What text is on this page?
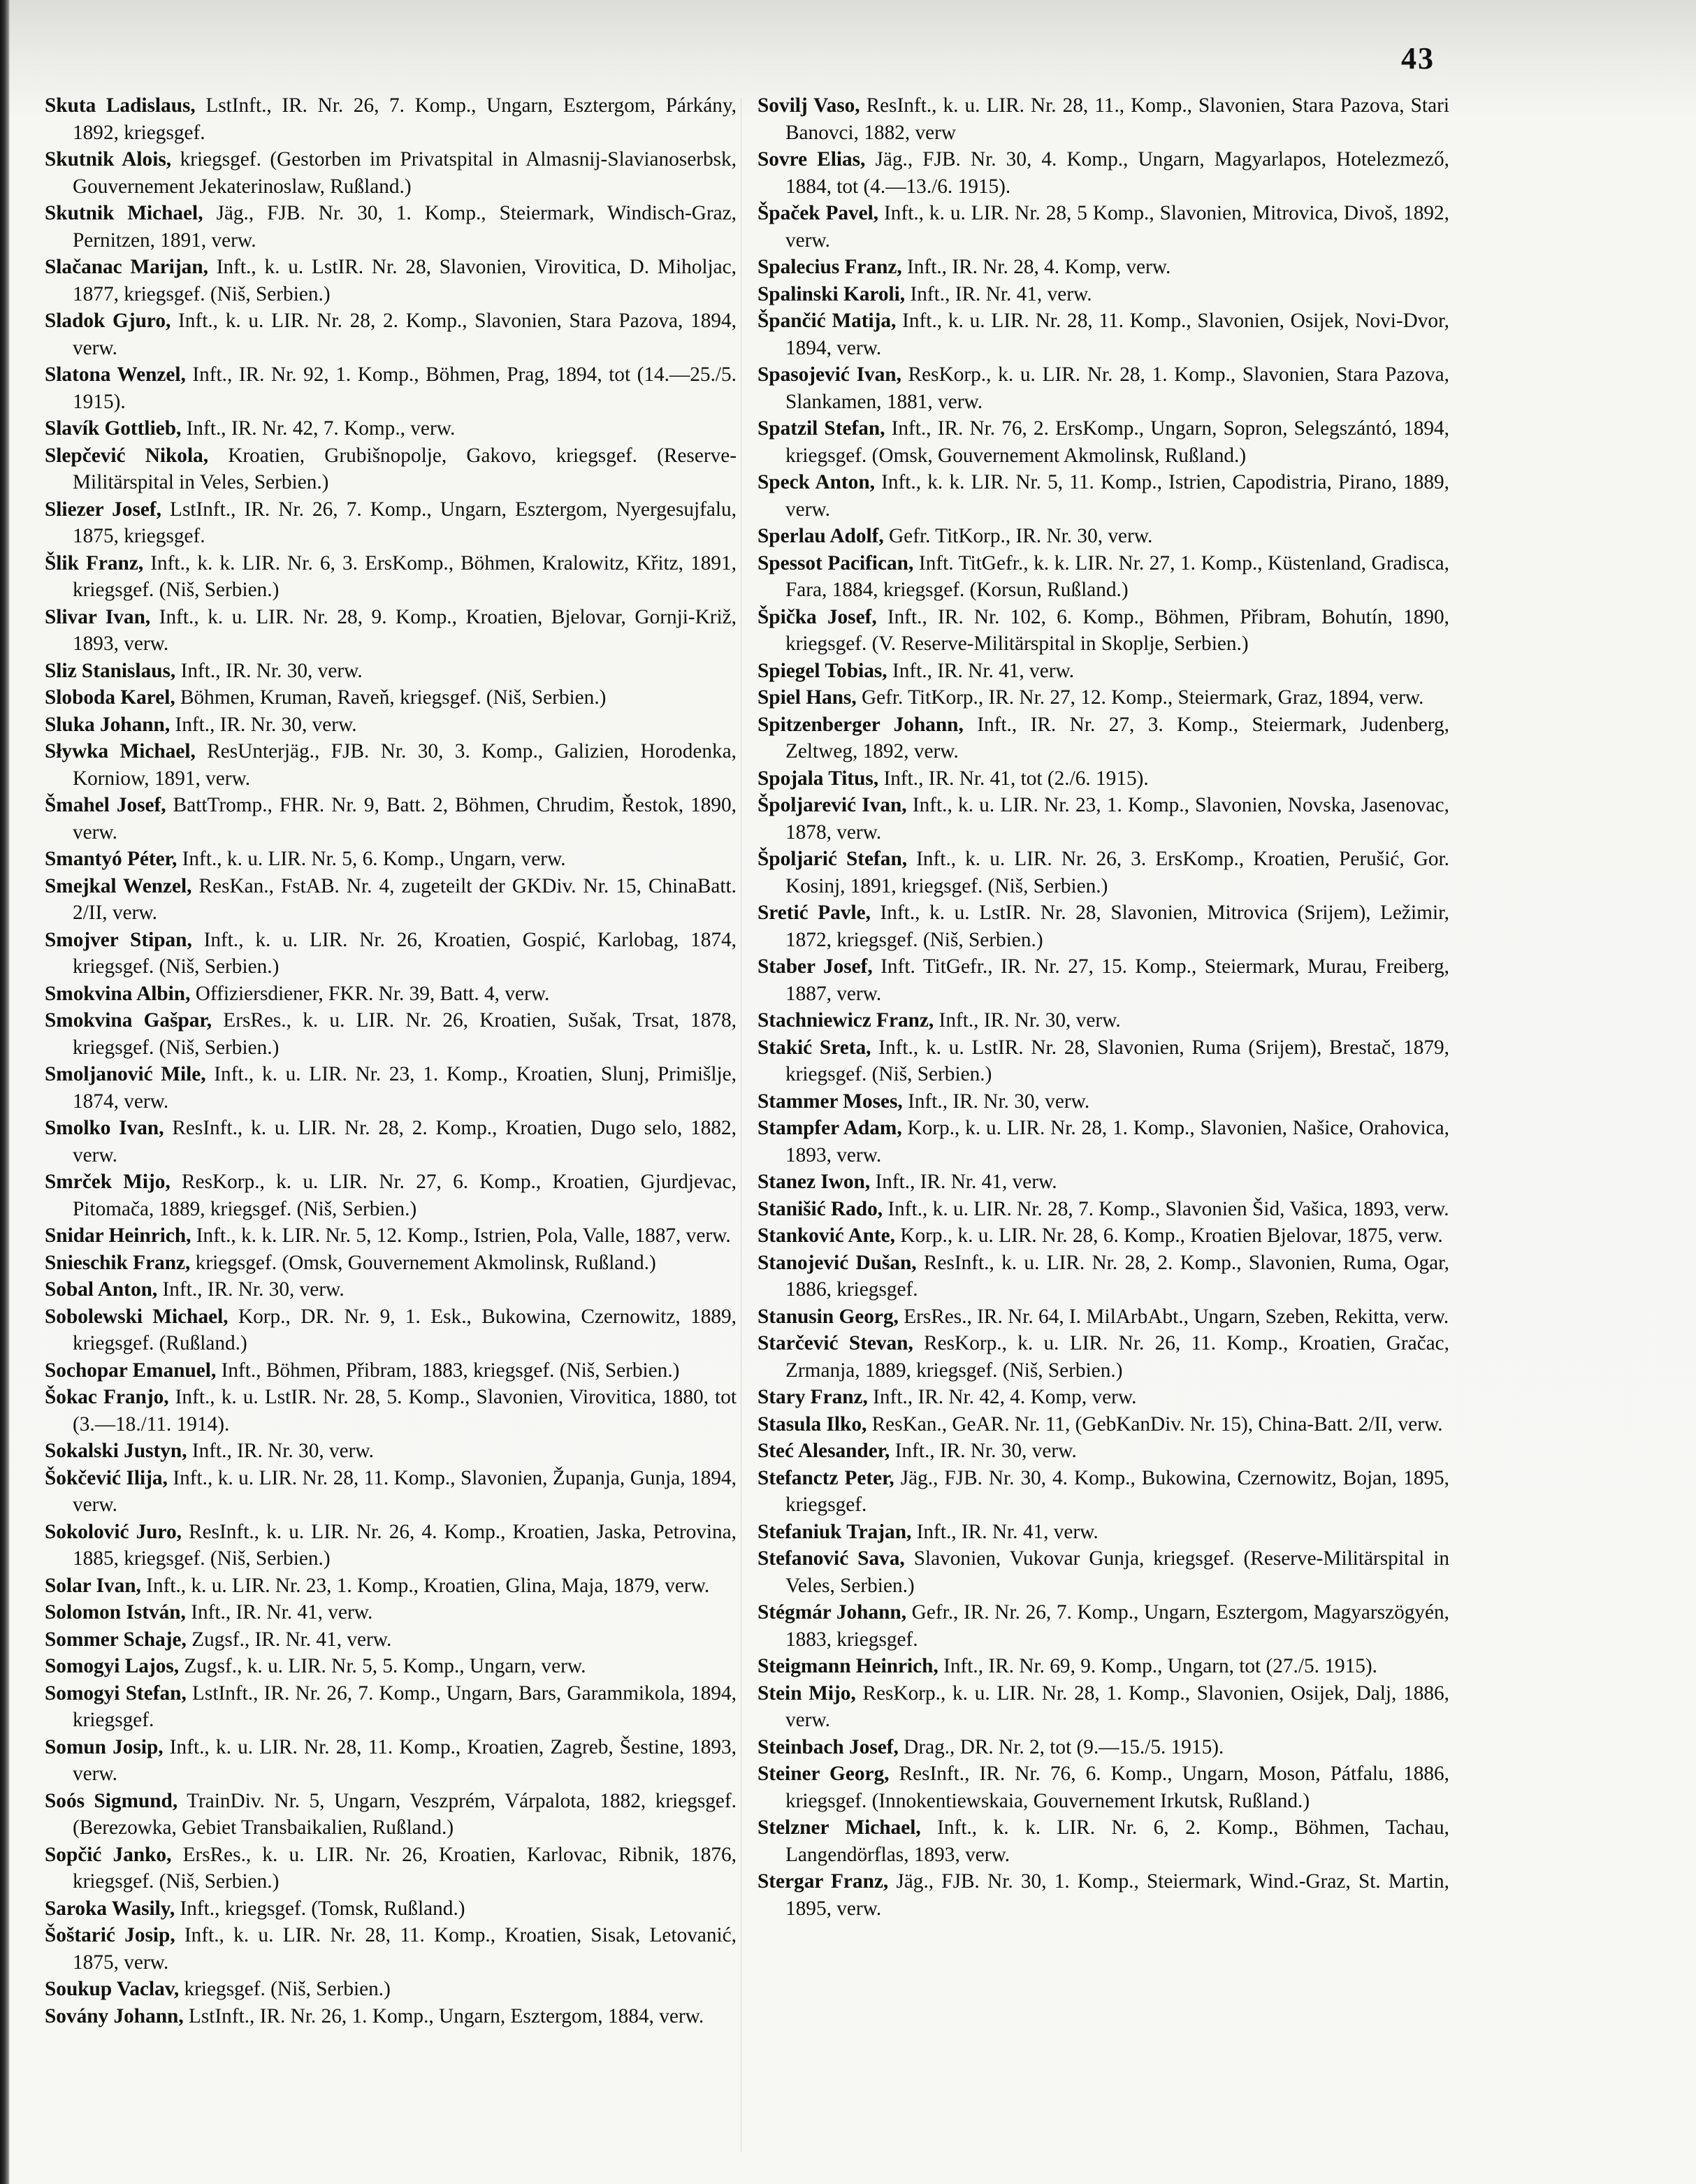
43

Skuta Ladislaus, LstInft., IR. Nr. 26, 7. Komp., Ungarn, Esztergom, Párkány, 1892, kriegsgef.

Skutnik Alois, kriegsgef. (Gestorben im Privatspital in Almasnij-Slavianoserbsk, Gouvernement Jekaterinoslaw, Rußland.)

Skutnik Michael, Jäg., FJB. Nr. 30, 1. Komp., Steiermark, Windisch-Graz, Pernitzen, 1891, verw.

Slačanac Marijan, Inft., k. u. LstIR. Nr. 28, Slavonien, Virovitica, D. Miholjac, 1877, kriegsgef. (Niš, Serbien.)

Sladok Gjuro, Inft., k. u. LIR. Nr. 28, 2. Komp., Slavonien, Stara Pazova, 1894, verw.

Slatona Wenzel, Inft., IR. Nr. 92, 1. Komp., Böhmen, Prag, 1894, tot (14.—25./5. 1915).

Slavík Gottlieb, Inft., IR. Nr. 42, 7. Komp., verw.

Slepčević Nikola, Kroatien, Grubišnopolje, Gakovo, kriegsgef. (Reserve-Militärspital in Veles, Serbien.)

Sliezer Josef, LstInft., IR. Nr. 26, 7. Komp., Ungarn, Esztergom, Nyergesujfalu, 1875, kriegsgef.

Šlik Franz, Inft., k. k. LIR. Nr. 6, 3. ErsKomp., Böhmen, Kralowitz, Křitz, 1891, kriegsgef. (Niš, Serbien.)

Slivar Ivan, Inft., k. u. LIR. Nr. 28, 9. Komp., Kroatien, Bjelovar, Gornji-Križ, 1893, verw.

Sliz Stanislaus, Inft., IR. Nr. 30, verw.

Sloboda Karel, Böhmen, Kruman, Raveň, kriegsgef. (Niš, Serbien.)

Sluka Johann, Inft., IR. Nr. 30, verw.

Sływka Michael, ResUnterjäg., FJB. Nr. 30, 3. Komp., Galizien, Horodenka, Korniow, 1891, verw.

Šmahel Josef, BattTromp., FHR. Nr. 9, Batt. 2, Böhmen, Chrudim, Řestok, 1890, verw.

Smantyó Péter, Inft., k. u. LIR. Nr. 5, 6. Komp., Ungarn, verw.

Smejkal Wenzel, ResKan., FstAB. Nr. 4, zugeteilt der GKDiv. Nr. 15, ChinaBatt. 2/II, verw.

Smojver Stipan, Inft., k. u. LIR. Nr. 26, Kroatien, Gospić, Karlobag, 1874, kriegsgef. (Niš, Serbien.)

Smokvina Albin, Offiziersdiener, FKR. Nr. 39, Batt. 4, verw.

Smokvina Gašpar, ErsRes., k. u. LIR. Nr. 26, Kroatien, Sušak, Trsat, 1878, kriegsgef. (Niš, Serbien.)

Smoljanović Mile, Inft., k. u. LIR. Nr. 23, 1. Komp., Kroatien, Slunj, Primišlje, 1874, verw.

Smolko Ivan, ResInft., k. u. LIR. Nr. 28, 2. Komp., Kroatien, Dugo selo, 1882, verw.

Smrček Mijo, ResKorp., k. u. LIR. Nr. 27, 6. Komp., Kroatien, Gjurdjevac, Pitomača, 1889, kriegsgef. (Niš, Serbien.)

Snidar Heinrich, Inft., k. k. LIR. Nr. 5, 12. Komp., Istrien, Pola, Valle, 1887, verw.

Snieschik Franz, kriegsgef. (Omsk, Gouvernement Akmolinsk, Rußland.)

Sobal Anton, Inft., IR. Nr. 30, verw.

Sobolewski Michael, Korp., DR. Nr. 9, 1. Esk., Bukowina, Czernowitz, 1889, kriegsgef. (Rußland.)

Sochopar Emanuel, Inft., Böhmen, Přibram, 1883, kriegsgef. (Niš, Serbien.)

Šokac Franjo, Inft., k. u. LstIR. Nr. 28, 5. Komp., Slavonien, Virovitica, 1880, tot (3.—18./11. 1914).

Sokalski Justyn, Inft., IR. Nr. 30, verw.

Šokčević Ilija, Inft., k. u. LIR. Nr. 28, 11. Komp., Slavonien, Županja, Gunja, 1894, verw.

Sokolović Juro, ResInft., k. u. LIR. Nr. 26, 4. Komp., Kroatien, Jaska, Petrovina, 1885, kriegsgef. (Niš, Serbien.)

Solar Ivan, Inft., k. u. LIR. Nr. 23, 1. Komp., Kroatien, Glina, Maja, 1879, verw.

Solomon István, Inft., IR. Nr. 41, verw.

Sommer Schaje, Zugsf., IR. Nr. 41, verw.

Somogyi Lajos, Zugsf., k. u. LIR. Nr. 5, 5. Komp., Ungarn, verw.

Somogyi Stefan, LstInft., IR. Nr. 26, 7. Komp., Ungarn, Bars, Garammikola, 1894, kriegsgef.

Somun Josip, Inft., k. u. LIR. Nr. 28, 11. Komp., Kroatien, Zagreb, Šestine, 1893, verw.

Soós Sigmund, TrainDiv. Nr. 5, Ungarn, Veszprém, Várpalota, 1882, kriegsgef. (Berezowka, Gebiet Transbaikalien, Rußland.)

Sopčić Janko, ErsRes., k. u. LIR. Nr. 26, Kroatien, Karlovac, Ribnik, 1876, kriegsgef. (Niš, Serbien.)

Saroka Wasily, Inft., kriegsgef. (Tomsk, Rußland.)

Šoštarić Josip, Inft., k. u. LIR. Nr. 28, 11. Komp., Kroatien, Sisak, Letovanić, 1875, verw.

Soukup Vaclav, kriegsgef. (Niš, Serbien.)

Sovány Johann, LstInft., IR. Nr. 26, 1. Komp., Ungarn, Esztergom, 1884, verw.

Sovilj Vaso, ResInft., k. u. LIR. Nr. 28, 11., Komp., Slavonien, Stara Pazova, Stari Banovci, 1882, verw

Sovre Elias, Jäg., FJB. Nr. 30, 4. Komp., Ungarn, Magyarlapos, Hotelezmező, 1884, tot (4.—13./6. 1915).

Špaček Pavel, Inft., k. u. LIR. Nr. 28, 5 Komp., Slavonien, Mitrovica, Divoš, 1892, verw.

Spalecius Franz, Inft., IR. Nr. 28, 4. Komp, verw.

Spalinski Karoli, Inft., IR. Nr. 41, verw.

Špančić Matija, Inft., k. u. LIR. Nr. 28, 11. Komp., Slavonien, Osijek, Novi-Dvor, 1894, verw.

Spasojević Ivan, ResKorp., k. u. LIR. Nr. 28, 1. Komp., Slavonien, Stara Pazova, Slankamen, 1881, verw.

Spatzil Stefan, Inft., IR. Nr. 76, 2. ErsKomp., Ungarn, Sopron, Selegszántó, 1894, kriegsgef. (Omsk, Gouvernement Akmolinsk, Rußland.)

Speck Anton, Inft., k. k. LIR. Nr. 5, 11. Komp., Istrien, Capodistria, Pirano, 1889, verw.

Sperlau Adolf, Gefr. TitKorp., IR. Nr. 30, verw.

Spessot Pacifican, Inft. TitGefr., k. k. LIR. Nr. 27, 1. Komp., Küstenland, Gradisca, Fara, 1884, kriegsgef. (Korsun, Rußland.)

Špička Josef, Inft., IR. Nr. 102, 6. Komp., Böhmen, Přibram, Bohutín, 1890, kriegsgef. (V. Reserve-Militärspital in Skoplje, Serbien.)

Spiegel Tobias, Inft., IR. Nr. 41, verw.

Spiel Hans, Gefr. TitKorp., IR. Nr. 27, 12. Komp., Steiermark, Graz, 1894, verw.

Spitzenberger Johann, Inft., IR. Nr. 27, 3. Komp., Steiermark, Judenberg, Zeltweg, 1892, verw.

Spojala Titus, Inft., IR. Nr. 41, tot (2./6. 1915).

Špoljarević Ivan, Inft., k. u. LIR. Nr. 23, 1. Komp., Slavonien, Novska, Jasenovac, 1878, verw.

Špoljarić Stefan, Inft., k. u. LIR. Nr. 26, 3. ErsKomp., Kroatien, Perušić, Gor. Kosinj, 1891, kriegsgef. (Niš, Serbien.)

Sretić Pavle, Inft., k. u. LstIR. Nr. 28, Slavonien, Mitrovica (Srijem), Ležimir, 1872, kriegsgef. (Niš, Serbien.)

Staber Josef, Inft. TitGefr., IR. Nr. 27, 15. Komp., Steiermark, Murau, Freiberg, 1887, verw.

Stachniewicz Franz, Inft., IR. Nr. 30, verw.

Stakić Sreta, Inft., k. u. LstIR. Nr. 28, Slavonien, Ruma (Srijem), Brestač, 1879, kriegsgef. (Niš, Serbien.)

Stammer Moses, Inft., IR. Nr. 30, verw.

Stampfer Adam, Korp., k. u. LIR. Nr. 28, 1. Komp., Slavonien, Našice, Orahovica, 1893, verw.

Stanez Iwon, Inft., IR. Nr. 41, verw.

Stanišić Rado, Inft., k. u. LIR. Nr. 28, 7. Komp., Slavonien Šid, Vašica, 1893, verw.

Stanković Ante, Korp., k. u. LIR. Nr. 28, 6. Komp., Kroatien Bjelovar, 1875, verw.

Stanojević Dušan, ResInft., k. u. LIR. Nr. 28, 2. Komp., Slavonien, Ruma, Ogar, 1886, kriegsgef.

Stanusin Georg, ErsRes., IR. Nr. 64, I. MilArbAbt., Ungarn, Szeben, Rekitta, verw.

Starčević Stevan, ResKorp., k. u. LIR. Nr. 26, 11. Komp., Kroatien, Gračac, Zrmanja, 1889, kriegsgef. (Niš, Serbien.)

Stary Franz, Inft., IR. Nr. 42, 4. Komp, verw.

Stasula Ilko, ResKan., GeAR. Nr. 11, (GebKanDiv. Nr. 15), China-Batt. 2/II, verw.

Steć Alesander, Inft., IR. Nr. 30, verw.

Stefanctz Peter, Jäg., FJB. Nr. 30, 4. Komp., Bukowina, Czernowitz, Bojan, 1895, kriegsgef.

Stefaniuk Trajan, Inft., IR. Nr. 41, verw.

Stefanović Sava, Slavonien, Vukovar Gunja, kriegsgef. (Reserve-Militärspital in Veles, Serbien.)

Stégmár Johann, Gefr., IR. Nr. 26, 7. Komp., Ungarn, Esztergom, Magyarszögyén, 1883, kriegsgef.

Steigmann Heinrich, Inft., IR. Nr. 69, 9. Komp., Ungarn, tot (27./5. 1915).

Stein Mijo, ResKorp., k. u. LIR. Nr. 28, 1. Komp., Slavonien, Osijek, Dalj, 1886, verw.

Steinbach Josef, Drag., DR. Nr. 2, tot (9.—15./5. 1915).

Steiner Georg, ResInft., IR. Nr. 76, 6. Komp., Ungarn, Moson, Pátfalu, 1886, kriegsgef. (Innokentiewskaia, Gouvernement Irkutsk, Rußland.)

Stelzner Michael, Inft., k. k. LIR. Nr. 6, 2. Komp., Böhmen, Tachau, Langendörflas, 1893, verw.

Stergar Franz, Jäg., FJB. Nr. 30, 1. Komp., Steiermark, Wind.-Graz, St. Martin, 1895, verw.
